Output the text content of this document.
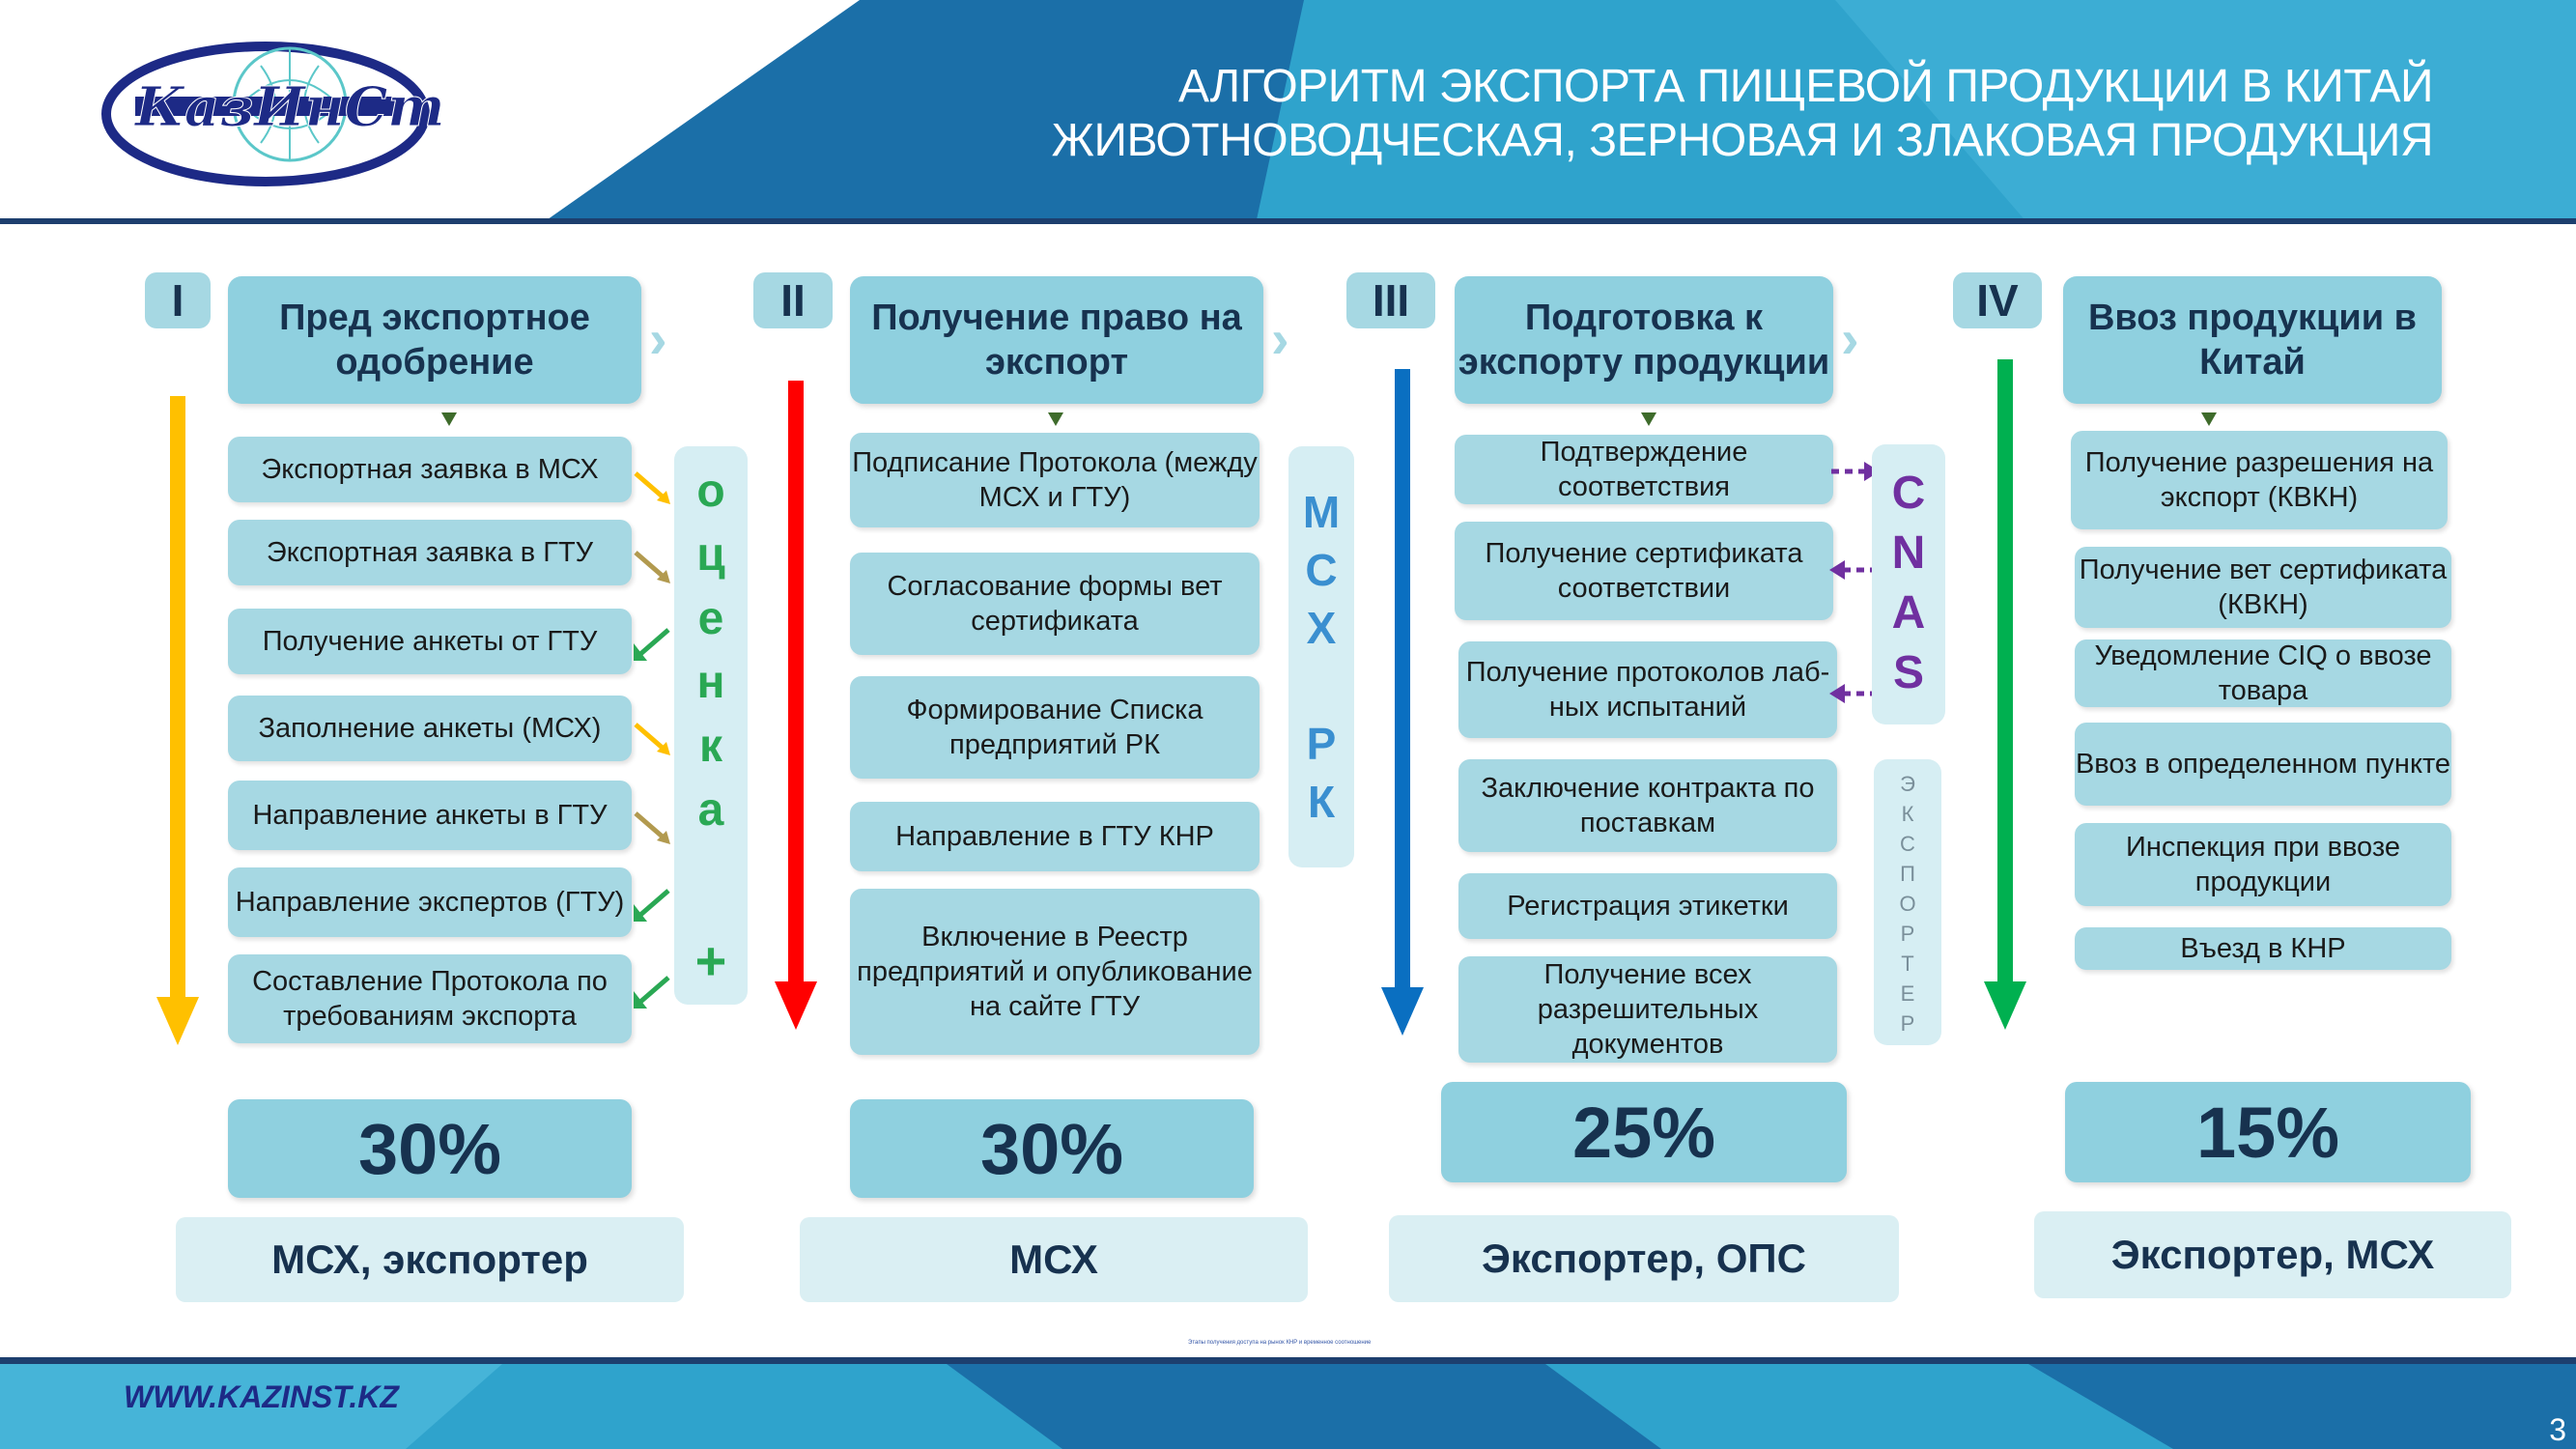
КазИнСт	АЛГОРИТМ ЭКСПОРТА ПИЩЕВОЙ ПРОДУКЦИИ В КИТАЙ
ЖИВОТНОВОДЧЕСКАЯ, ЗЕРНОВАЯ И ЗЛАКОВАЯ ПРОДУКЦИЯ
I	Пред экспортное одобрение	›
Экспортная заявка в МСХ
Экспортная заявка в ГТУ
Получение анкеты от ГТУ
Заполнение анкеты (МСХ)
Направление анкеты в ГТУ
Направление экспертов (ГТУ)
Составление Протокола по требованиям экспорта
о
ц
е
н
к
а
+
30%
МСХ, экспортер
II	Получение право на экспорт	›
Подписание Протокола (между МСХ и ГТУ)
Согласование формы вет сертификата
Формирование Списка предприятий РК
Направление в ГТУ КНР
Включение в Реестр предприятий и опубликование на сайте ГТУ
М
С
Х

Р
К
30%
МСХ
III	Подготовка к экспорту продукции ›
Подтверждение соответствия
Получение сертификата соответствии
Получение протоколов лаб-ных испытаний
Заключение контракта по поставкам
Регистрация этикетки
Получение всех разрешительных документов
C
N
A
S
Э
К
С
П
О
Р
Т
Е
Р
25%
Экспортер, ОПС
IV	Ввоз продукции в Китай
Получение разрешения на экспорт (КВКН)
Получение вет сертификата (КВКН)
Уведомление CIQ о ввозе товара
Ввоз в определенном пункте
Инспекция при ввозе продукции
Въезд в КНР
15%
Экспортер, МСХ
Этапы получения доступа на рынок КНР и временное соотношение
WWW.KAZINST.KZ
3
